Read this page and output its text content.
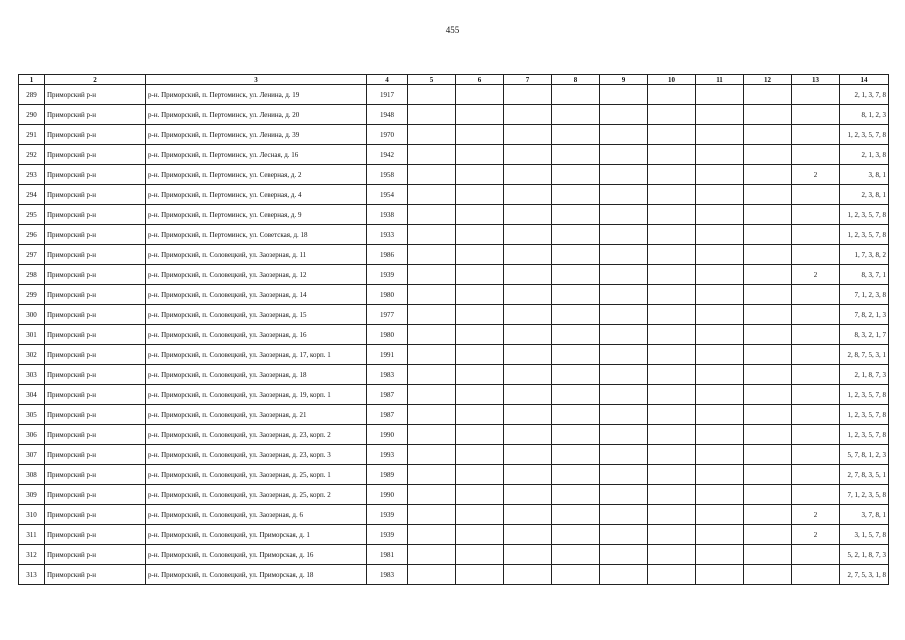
455
1	2	3	4	5	6	7	8	9	10	11	12	13	14
289	Приморский р-н	р-н. Приморский, п. Пертоминск, ул. Ленина, д. 19	1917										2, 1, 3, 7, 8
290	Приморский р-н	р-н. Приморский, п. Пертоминск, ул. Ленина, д. 20	1948										8, 1, 2, 3
291	Приморский р-н	р-н. Приморский, п. Пертоминск, ул. Ленина, д. 39	1970										1, 2, 3, 5, 7, 8
292	Приморский р-н	р-н. Приморский, п. Пертоминск, ул. Лесная, д. 16	1942										2, 1, 3, 8
293	Приморский р-н	р-н. Приморский, п. Пертоминск, ул. Северная, д. 2	1958									2	3, 8, 1
294	Приморский р-н	р-н. Приморский, п. Пертоминск, ул. Северная, д. 4	1954										2, 3, 8, 1
295	Приморский р-н	р-н. Приморский, п. Пертоминск, ул. Северная, д. 9	1938										1, 2, 3, 5, 7, 8
296	Приморский р-н	р-н. Приморский, п. Пертоминск, ул. Советская, д. 18	1933										1, 2, 3, 5, 7, 8
297	Приморский р-н	р-н. Приморский, п. Соловецкий, ул. Заозерная, д. 11	1986										1, 7, 3, 8, 2
298	Приморский р-н	р-н. Приморский, п. Соловецкий, ул. Заозерная, д. 12	1939									2	8, 3, 7, 1
299	Приморский р-н	р-н. Приморский, п. Соловецкий, ул. Заозерная, д. 14	1980										7, 1, 2, 3, 8
300	Приморский р-н	р-н. Приморский, п. Соловецкий, ул. Заозерная, д. 15	1977										7, 8, 2, 1, 3
301	Приморский р-н	р-н. Приморский, п. Соловецкий, ул. Заозерная, д. 16	1980										8, 3, 2, 1, 7
302	Приморский р-н	р-н. Приморский, п. Соловецкий, ул. Заозерная, д. 17, корп. 1	1991										2, 8, 7, 5, 3, 1
303	Приморский р-н	р-н. Приморский, п. Соловецкий, ул. Заозерная, д. 18	1983										2, 1, 8, 7, 3
304	Приморский р-н	р-н. Приморский, п. Соловецкий, ул. Заозерная, д. 19, корп. 1	1987										1, 2, 3, 5, 7, 8
305	Приморский р-н	р-н. Приморский, п. Соловецкий, ул. Заозерная, д. 21	1987										1, 2, 3, 5, 7, 8
306	Приморский р-н	р-н. Приморский, п. Соловецкий, ул. Заозерная, д. 23, корп. 2	1990										1, 2, 3, 5, 7, 8
307	Приморский р-н	р-н. Приморский, п. Соловецкий, ул. Заозерная, д. 23, корп. 3	1993										5, 7, 8, 1, 2, 3
308	Приморский р-н	р-н. Приморский, п. Соловецкий, ул. Заозерная, д. 25, корп. 1	1989										2, 7, 8, 3, 5, 1
309	Приморский р-н	р-н. Приморский, п. Соловецкий, ул. Заозерная, д. 25, корп. 2	1990										7, 1, 2, 3, 5, 8
310	Приморский р-н	р-н. Приморский, п. Соловецкий, ул. Заозерная, д. 6	1939									2	3, 7, 8, 1
311	Приморский р-н	р-н. Приморский, п. Соловецкий, ул. Приморская, д. 1	1939									2	3, 1, 5, 7, 8
312	Приморский р-н	р-н. Приморский, п. Соловецкий, ул. Приморская, д. 16	1981										5, 2, 1, 8, 7, 3
313	Приморский р-н	р-н. Приморский, п. Соловецкий, ул. Приморская, д. 18	1983										2, 7, 5, 3, 1, 8
